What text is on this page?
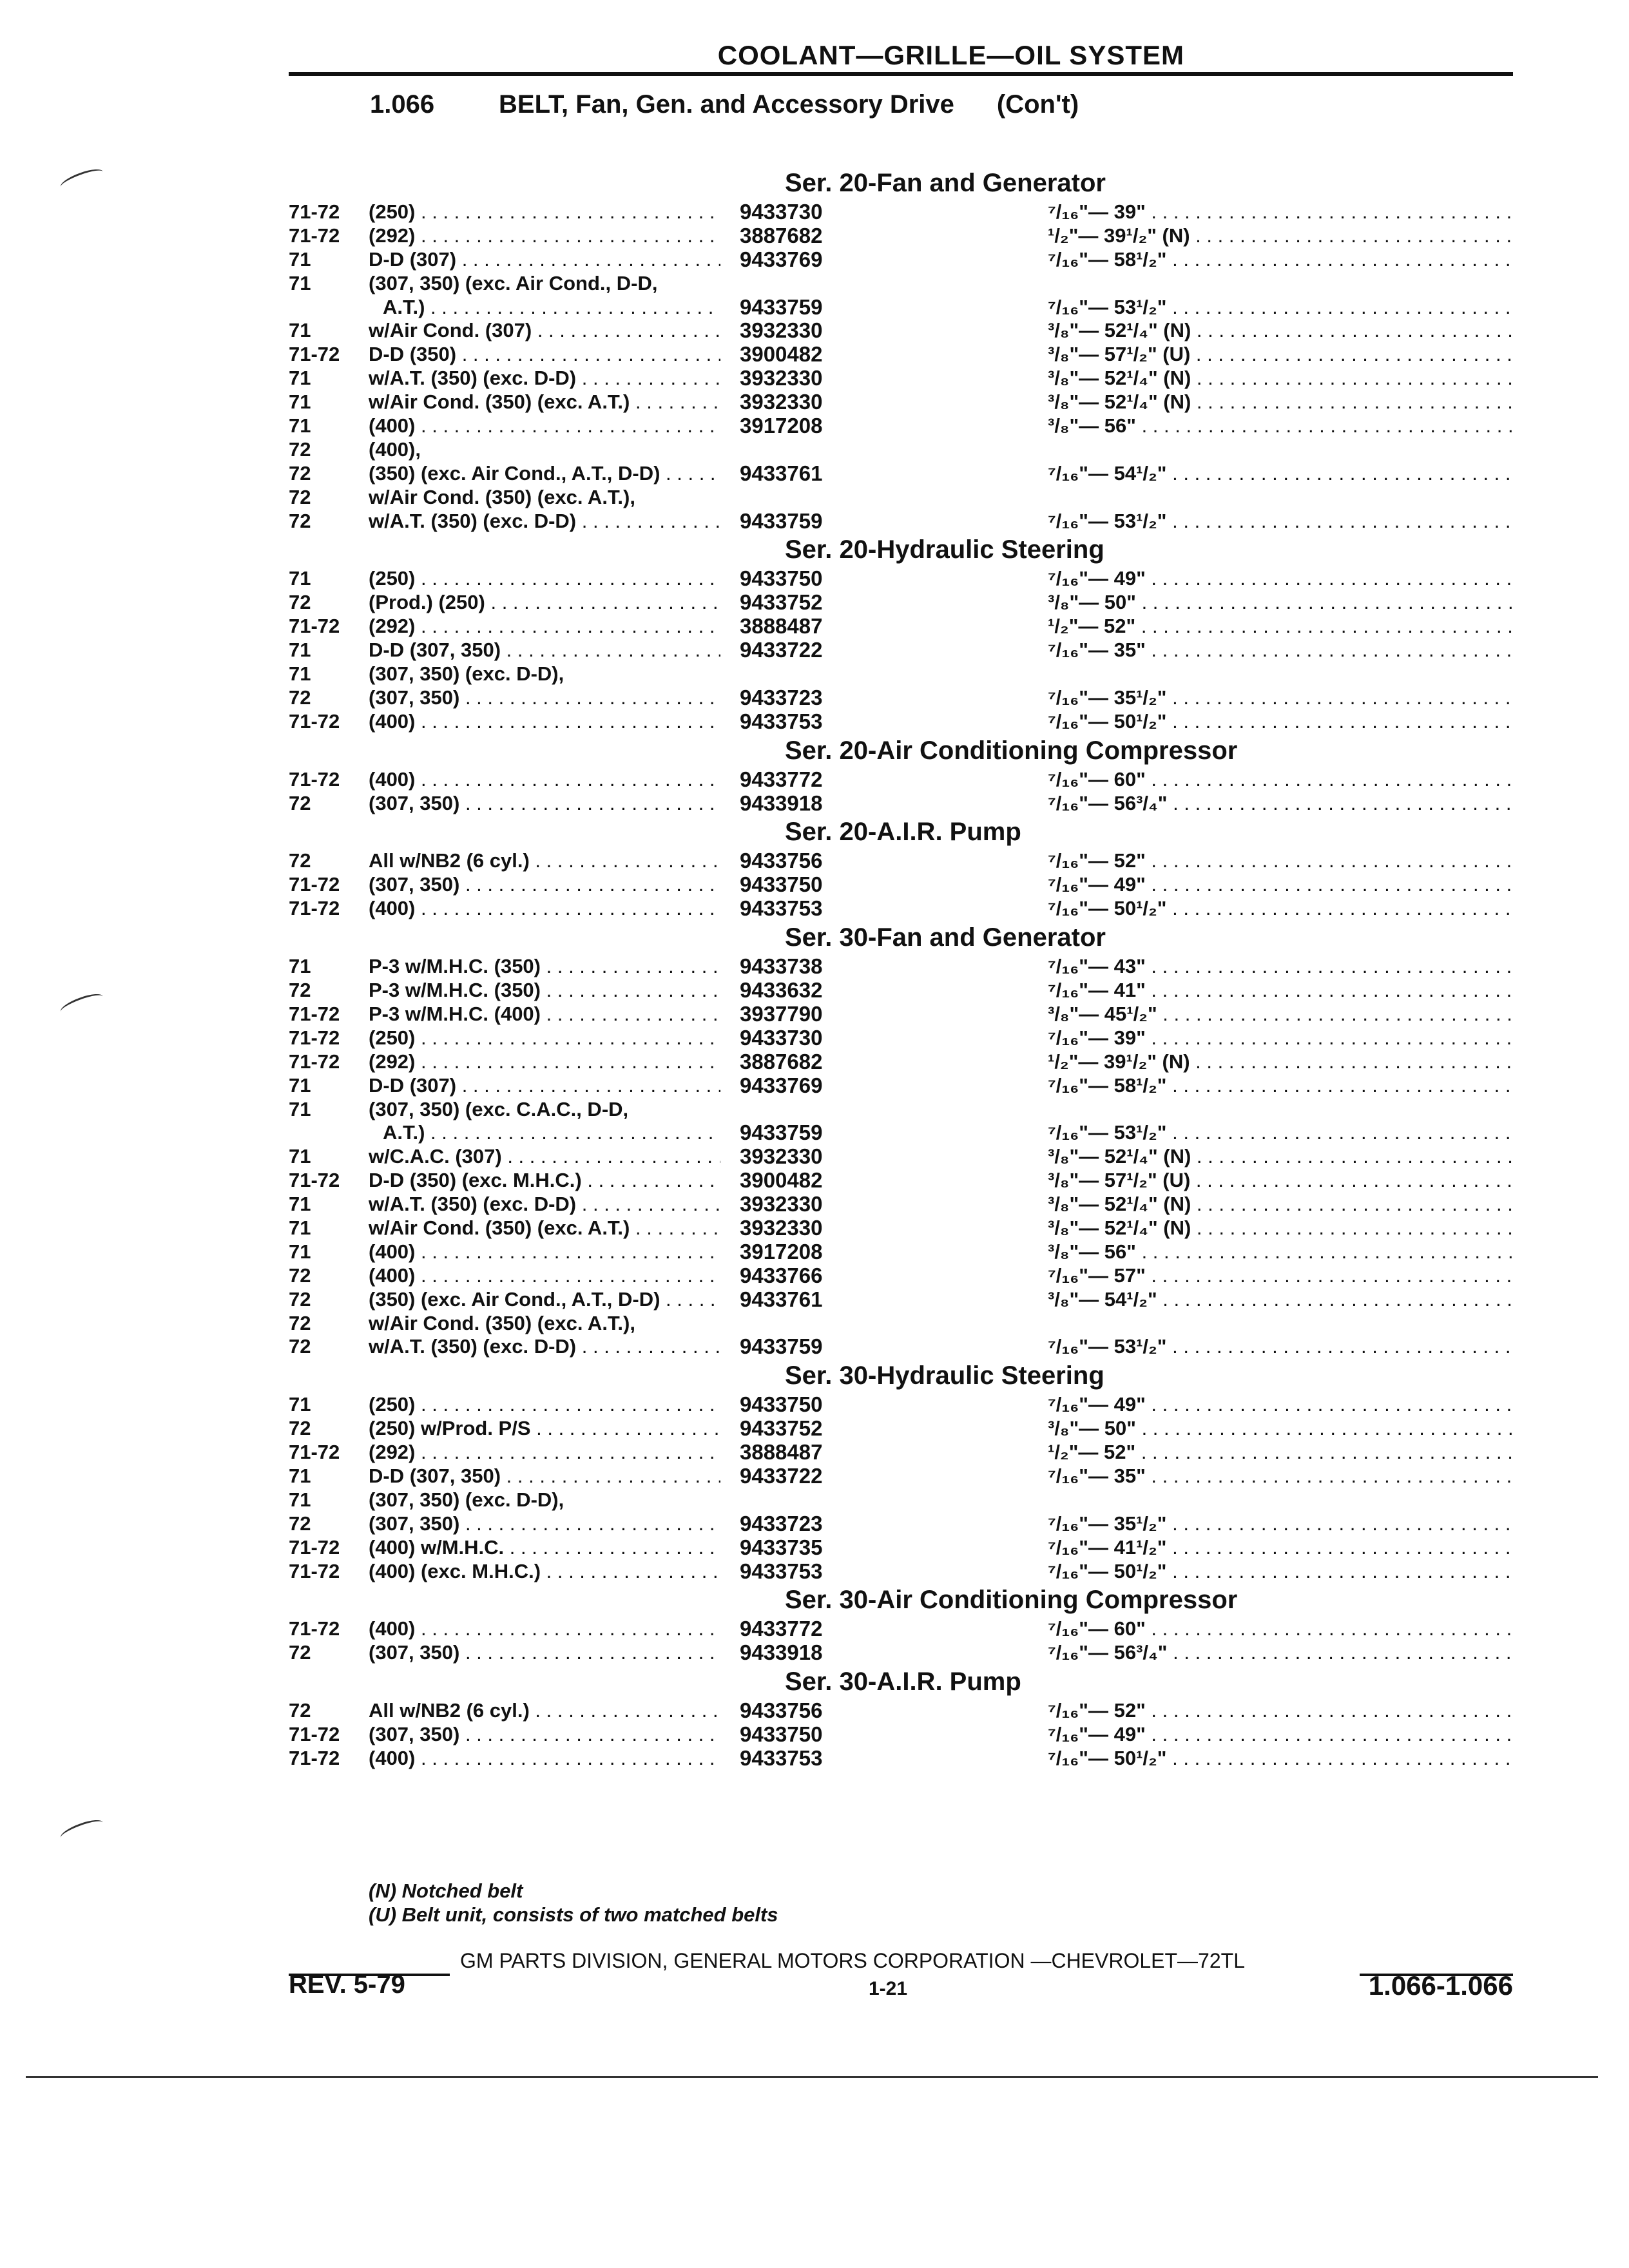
COOLANT—GRILLE—OIL SYSTEM
1.066 BELT, Fan, Gen. and Accessory Drive (Con't)
Ser. 20-Fan and Generator
71-72	(250) . . .	9433730	⁷/₁₆"— 39" . . .
71-72	(292) . . .	3887682	¹/₂"— 39¹/₂" (N) . . .
71	D-D (307) . . .	9433769	⁷/₁₆"— 58¹/₂" . . .
71	(307, 350) (exc. Air Cond., D-D,
A.T.) . . .	9433759	⁷/₁₆"— 53¹/₂" . . .
71	w/Air Cond. (307) . . .	3932330	³/₈"— 52¹/₄" (N) . . .
71-72	D-D (350) . . .	3900482	³/₈"— 57¹/₂" (U) . . .
71	w/A.T. (350) (exc. D-D) . . .	3932330	³/₈"— 52¹/₄" (N) . . .
71	w/Air Cond. (350) (exc. A.T.) . . .	3932330	³/₈"— 52¹/₄" (N) . . .
71	(400) . . .	3917208	³/₈"— 56" . . .
72	(400),
72	(350) (exc. Air Cond., A.T., D-D) . . .	9433761	⁷/₁₆"— 54¹/₂" . . .
72	w/Air Cond. (350) (exc. A.T.),
72	w/A.T. (350) (exc. D-D) . . .	9433759	⁷/₁₆"— 53¹/₂" . . .
Ser. 20-Hydraulic Steering
71	(250) . . .	9433750	⁷/₁₆"— 49" . . .
72	(Prod.) (250) . . .	9433752	³/₈"— 50" . . .
71-72	(292) . . .	3888487	¹/₂"— 52" . . .
71	D-D (307, 350) . . .	9433722	⁷/₁₆"— 35" . . .
71	(307, 350) (exc. D-D),
72	(307, 350) . . .	9433723	⁷/₁₆"— 35¹/₂" . . .
71-72	(400) . . .	9433753	⁷/₁₆"— 50¹/₂" . . .
Ser. 20-Air Conditioning Compressor
71-72	(400) . . .	9433772	⁷/₁₆"— 60" . . .
72	(307, 350) . . .	9433918	⁷/₁₆"— 56³/₄" . . .
Ser. 20-A.I.R. Pump
72	All w/NB2 (6 cyl.) . . .	9433756	⁷/₁₆"— 52" . . .
71-72	(307, 350) . . .	9433750	⁷/₁₆"— 49" . . .
71-72	(400) . . .	9433753	⁷/₁₆"— 50¹/₂" . . .
Ser. 30-Fan and Generator
71	P-3 w/M.H.C. (350) . . .	9433738	⁷/₁₆"— 43" . . .
72	P-3 w/M.H.C. (350) . . .	9433632	⁷/₁₆"— 41" . . .
71-72	P-3 w/M.H.C. (400) . . .	3937790	³/₈"— 45¹/₂" . . .
71-72	(250) . . .	9433730	⁷/₁₆"— 39" . . .
71-72	(292) . . .	3887682	¹/₂"— 39¹/₂" (N) . . .
71	D-D (307) . . .	9433769	⁷/₁₆"— 58¹/₂" . . .
71	(307, 350) (exc. C.A.C., D-D,
A.T.) . . .	9433759	⁷/₁₆"— 53¹/₂" . . .
71	w/C.A.C. (307) . . .	3932330	³/₈"— 52¹/₄" (N) . . .
71-72	D-D (350) (exc. M.H.C.) . . .	3900482	³/₈"— 57¹/₂" (U) . . .
71	w/A.T. (350) (exc. D-D) . . .	3932330	³/₈"— 52¹/₄" (N) . . .
71	w/Air Cond. (350) (exc. A.T.) . . .	3932330	³/₈"— 52¹/₄" (N) . . .
71	(400) . . .	3917208	³/₈"— 56" . . .
72	(400) . . .	9433766	⁷/₁₆"— 57" . . .
72	(350) (exc. Air Cond., A.T., D-D) . . .	9433761	³/₈"— 54¹/₂" . . .
72	w/Air Cond. (350) (exc. A.T.),
72	w/A.T. (350) (exc. D-D) . . .	9433759	⁷/₁₆"— 53¹/₂" . . .
Ser. 30-Hydraulic Steering
71	(250) . . .	9433750	⁷/₁₆"— 49" . . .
72	(250) w/Prod. P/S . . .	9433752	³/₈"— 50" . . .
71-72	(292) . . .	3888487	¹/₂"— 52" . . .
71	D-D (307, 350) . . .	9433722	⁷/₁₆"— 35" . . .
71	(307, 350) (exc. D-D),
72	(307, 350) . . .	9433723	⁷/₁₆"— 35¹/₂" . . .
71-72	(400) w/M.H.C. . . .	9433735	⁷/₁₆"— 41¹/₂" . . .
71-72	(400) (exc. M.H.C.) . . .	9433753	⁷/₁₆"— 50¹/₂" . . .
Ser. 30-Air Conditioning Compressor
71-72	(400) . . .	9433772	⁷/₁₆"— 60" . . .
72	(307, 350) . . .	9433918	⁷/₁₆"— 56³/₄" . . .
Ser. 30-A.I.R. Pump
72	All w/NB2 (6 cyl.) . . .	9433756	⁷/₁₆"— 52" . . .
71-72	(307, 350) . . .	9433750	⁷/₁₆"— 49" . . .
71-72	(400) . . .	9433753	⁷/₁₆"— 50¹/₂" . . .
(N) Notched belt
(U) Belt unit, consists of two matched belts
GM PARTS DIVISION, GENERAL MOTORS CORPORATION —CHEVROLET—72TL
REV. 5-79	1-21	1.066-1.066
